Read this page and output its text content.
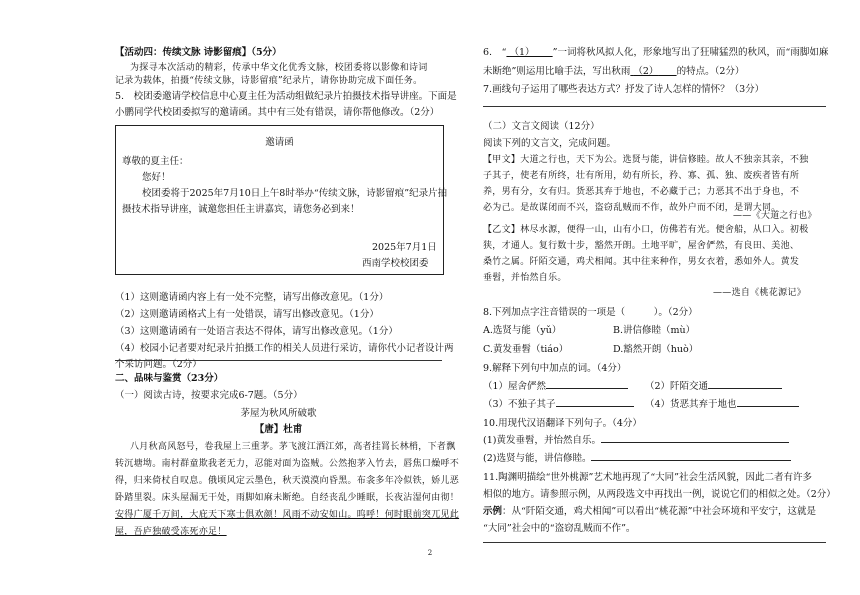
【活动四：传续文脉 诗影留痕】（5分）
为探寻本次活动的精彩，传承中华文化优秀文脉，校团委将以影像和诗词
记录为载体，拍摄“传续文脉，诗影留痕”纪录片，请你协助完成下面任务。
5.　校团委邀请学校信息中心夏主任为活动组做纪录片拍摄技术指导讲座。下面是
小鹏同学代校团委拟写的邀请函。其中有三处有错误，请你帮他修改。（2分）
邀请函
尊敬的夏主任：
您好！
校团委将于2025年7月10日上午8时举办“传续文脉，诗影留痕”纪录片拍
摄技术指导讲座，诚邀您担任主讲嘉宾，请您务必到来！
2025年7月1日
西南学校校团委
（1）这则邀请函内容上有一处不完整，请写出修改意见。（1分）
（2）这则邀请函格式上有一处错误，请写出修改意见。（1分）
（3）这则邀请函有一处语言表达不得体，请写出修改意见。（1分）
（4）校园小记者要对纪录片拍摄工作的相关人员进行采访，请你代小记者设计两
个采访问题。（2分）
二、品味与鉴赏（23分）
（一）阅读古诗，按要求完成6-7题。（5分）
茅屋为秋风所破歌
【唐】杜甫
八月秋高风怒号，卷我屋上三重茅。茅飞渡江洒江郊，高者挂罥长林梢，下者飘
转沉塘坳。南村群童欺我老无力，忍能对面为盗贼。公然抱茅入竹去，唇焦口燥呼不
得，归来倚杖自叹息。俄顷风定云墨色，秋天漠漠向昏黑。布衾多年冷似铁，娇儿恶
卧踏里裂。床头屋漏无干处，雨脚如麻未断绝。自经丧乱少睡眠，长夜沾湿何由彻！
安得广厦千万间，大庇天下寒士俱欢颜！风雨不动安如山。呜呼！何时眼前突兀见此
屋，吾庐独破受冻死亦足！
6.　“ （1） ”一词将秋风拟人化，形象地写出了狂啸猛烈的秋风，而“雨脚如麻
未断绝”则运用比喻手法，写出秋雨 （2） 的特点。（2分）
7.画线句子运用了哪些表达方式？抒发了诗人怎样的情怀？（3分）
（二）文言文阅读（12分）
阅读下列的文言文，完成问题。
【甲文】大道之行也，天下为公。选贤与能，讲信修睦。故人不独亲其亲，不独
子其子，使老有所终，壮有所用，幼有所长，矜、寡、孤、独、废疾者皆有所
养，男有分，女有归。货恶其弃于地也，不必藏于己；力恶其不出于身也，不
必为己。是故谋闭而不兴，盗窃乱贼而不作，故外户而不闭，是谓大同。
——《大道之行也》
【乙文】林尽水源，便得一山，山有小口，仿佛若有光。便舍船，从口入。初极
狭，才通人。复行数十步，豁然开朗。土地平旷，屋舍俨然，有良田、美池、
桑竹之属。阡陌交通，鸡犬相闻。其中往来种作，男女衣着，悉如外人。黄发
垂髫，并怡然自乐。
——选自《桃花源记》
8.下列加点字注音错误的一项是（　　　）。（2分）
A.选贤与能（yǔ）	B.讲信修睦（mù）
C.黄发垂髫（tiáo）	D.豁然开朗（huò）
9.解释下列句中加点的词。（4分）
（1）屋舍俨然	（2）阡陌交通
（3）不独子其子	（4）货恶其弃于地也
10.用现代汉语翻译下列句子。（4分）
(1)黄发垂髫，并怡然自乐。
(2)选贤与能，讲信修睦。
11.陶渊明描绘“世外桃源”艺术地再现了“大同”社会生活风貌，因此二者有许多
相似的地方。请参照示例，从两段选文中再找出一例，说说它们的相似之处。（2分）
示例：从“阡陌交通，鸡犬相闻”可以看出“桃花源”中社会环境和平安宁，这就是
“大同”社会中的“盗窃乱贼而不作”。
2
